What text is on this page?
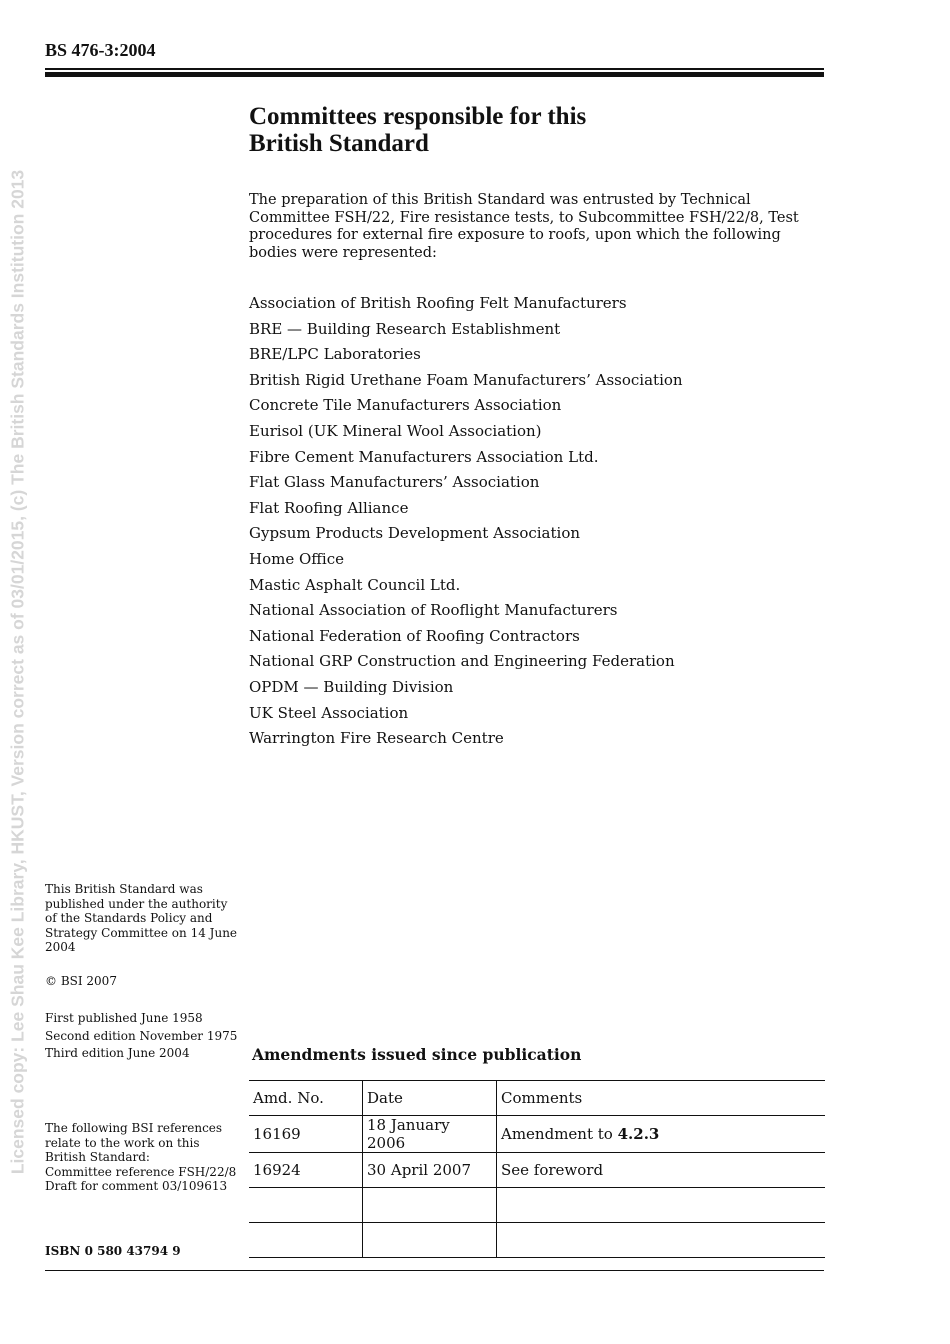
BS 476-3:2004
Licensed copy: Lee Shau Kee Library, HKUST, Version correct as of 03/01/2015, (c) The British Standards Institution 2013
Committees responsible for this
British Standard

The preparation of this British Standard was entrusted by Technical Committee FSH/22, Fire resistance tests, to Subcommittee FSH/22/8, Test procedures for external fire exposure to roofs, upon which the following bodies were represented:

Association of British Roofing Felt Manufacturers
BRE — Building Research Establishment
BRE/LPC Laboratories
British Rigid Urethane Foam Manufacturers’ Association
Concrete Tile Manufacturers Association
Eurisol (UK Mineral Wool Association)
Fibre Cement Manufacturers Association Ltd.
Flat Glass Manufacturers’ Association
Flat Roofing Alliance
Gypsum Products Development Association
Home Office
Mastic Asphalt Council Ltd.
National Association of Rooflight Manufacturers
National Federation of Roofing Contractors
National GRP Construction and Engineering Federation
OPDM — Building Division
UK Steel Association
Warrington Fire Research Centre

This British Standard was published under the authority of the Standards Policy and Strategy Committee on 14 June 2004

© BSI 2007

First published June 1958
Second edition November 1975
Third edition June 2004

The following BSI references relate to the work on this British Standard:
Committee reference FSH/22/8
Draft for comment 03/109613

ISBN 0 580 43794 9
Amendments issued since publication
Amd. No.	Date	Comments
16169	18 January 2006	Amendment to 4.2.3
16924	30 April 2007	See foreword
